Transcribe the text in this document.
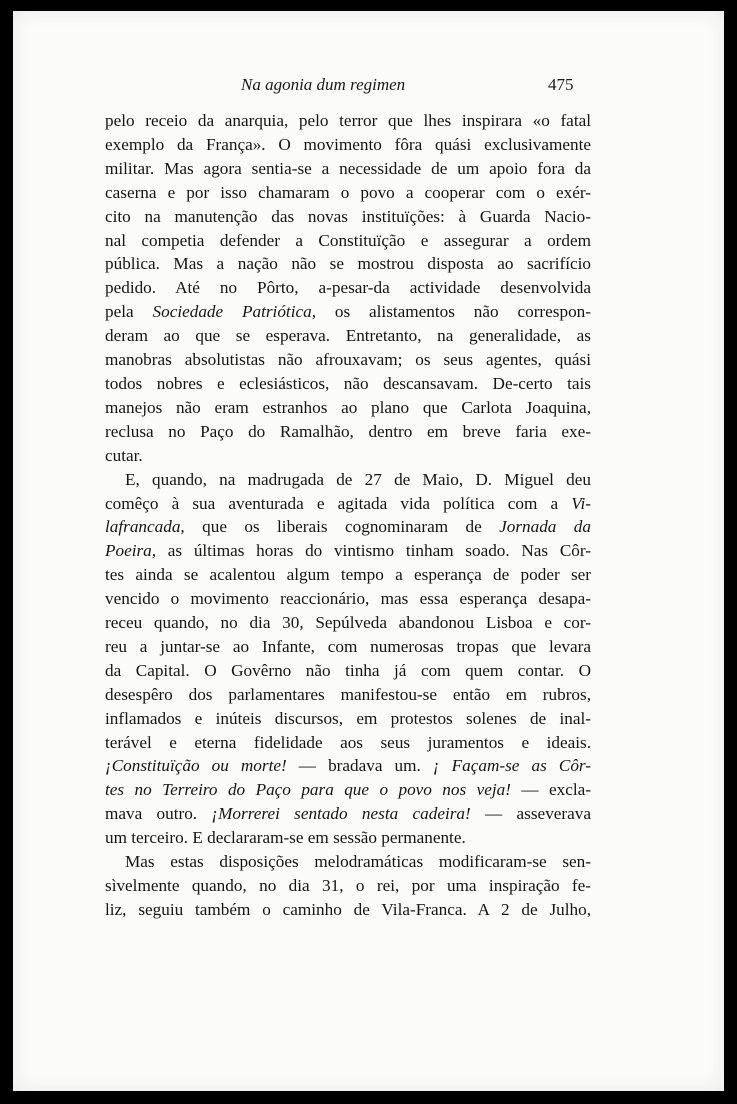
Na agonia dum regimen	475
pelo receio da anarquia, pelo terror que lhes inspirara «o fatal
exemplo da França». O movimento fôra quási exclusivamente
militar. Mas agora sentia-se a necessidade de um apoio fora da
caserna e por isso chamaram o povo a cooperar com o exér-
cito na manutenção das novas instituïções: à Guarda Nacio-
nal competia defender a Constituïção e assegurar a ordem
pública. Mas a nação não se mostrou disposta ao sacrifício
pedido. Até no Pôrto, a-pesar-da actividade desenvolvida
pela Sociedade Patriótica, os alistamentos não correspon-
deram ao que se esperava. Entretanto, na generalidade, as
manobras absolutistas não afrouxavam; os seus agentes, quási
todos nobres e eclesiásticos, não descansavam. De-certo tais
manejos não eram estranhos ao plano que Carlota Joaquina,
reclusa no Paço do Ramalhão, dentro em breve faria exe-
cutar.
E, quando, na madrugada de 27 de Maio, D. Miguel deu
comêço à sua aventurada e agitada vida política com a Vi-
lafrancada, que os liberais cognominaram de Jornada da
Poeira, as últimas horas do vintismo tinham soado. Nas Côr-
tes ainda se acalentou algum tempo a esperança de poder ser
vencido o movimento reaccionário, mas essa esperança desapa-
receu quando, no dia 30, Sepúlveda abandonou Lisboa e cor-
reu a juntar-se ao Infante, com numerosas tropas que levara
da Capital. O Govêrno não tinha já com quem contar. O
desespêro dos parlamentares manifestou-se então em rubros,
inflamados e inúteis discursos, em protestos solenes de inal-
terável e eterna fidelidade aos seus juramentos e ideais.
¡Constituïção ou morte! — bradava um. ¡ Façam-se as Côr-
tes no Terreiro do Paço para que o povo nos veja! — excla-
mava outro. ¡Morrerei sentado nesta cadeira! — asseverava
um terceiro. E declararam-se em sessão permanente.
Mas estas disposições melodramáticas modificaram-se sen-
sìvelmente quando, no dia 31, o rei, por uma inspiração fe-
liz, seguiu também o caminho de Vila-Franca. A 2 de Julho,
